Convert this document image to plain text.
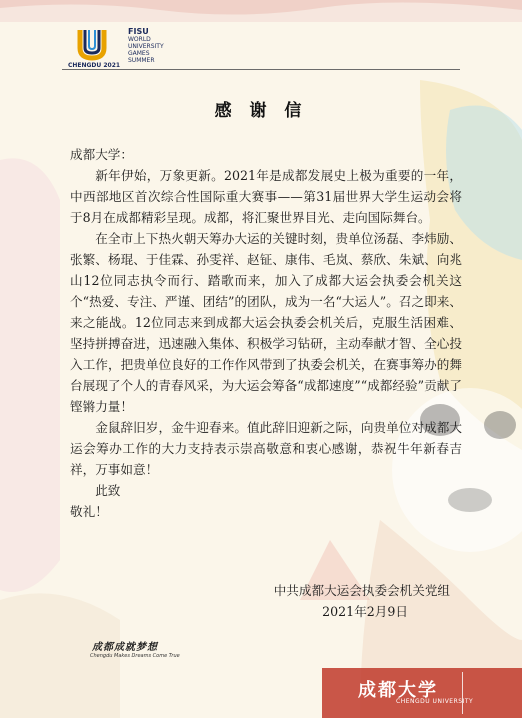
CHENGDU 2021
FISU
WORLD
UNIVERSITY
GAMES
SUMMER
感 谢 信

成都大学：

新年伊始，万象更新。2021年是成都发展史上极为重要的一年，中西部地区首次综合性国际重大赛事——第31届世界大学生运动会将于8月在成都精彩呈现。成都，将汇聚世界目光、走向国际舞台。

在全市上下热火朝天筹办大运的关键时刻，贵单位汤磊、李炜励、张繁、杨琨、于佳霖、孙雯祥、赵钲、康伟、毛岚、蔡欣、朱斌、向兆山12位同志执令而行、踏歌而来，加入了成都大运会执委会机关这个“热爱、专注、严谨、团结”的团队，成为一名“大运人”。召之即来、来之能战。12位同志来到成都大运会执委会机关后，克服生活困难、坚持拼搏奋进，迅速融入集体、积极学习钻研，主动奉献才智、全心投入工作，把贵单位良好的工作作风带到了执委会机关，在赛事筹办的舞台展现了个人的青春风采，为大运会筹备“成都速度”“成都经验”贡献了铿锵力量！

金鼠辞旧岁，金牛迎春来。值此辞旧迎新之际，向贵单位对成都大运会筹办工作的大力支持表示崇高敬意和衷心感谢，恭祝牛年新春吉祥，万事如意！

此致

敬礼！

中共成都大运会执委会机关党组
2021年2月9日
成都成就梦想
Chengdu Makes Dreams Come True
成都大学
CHENGDU UNIVERSITY
